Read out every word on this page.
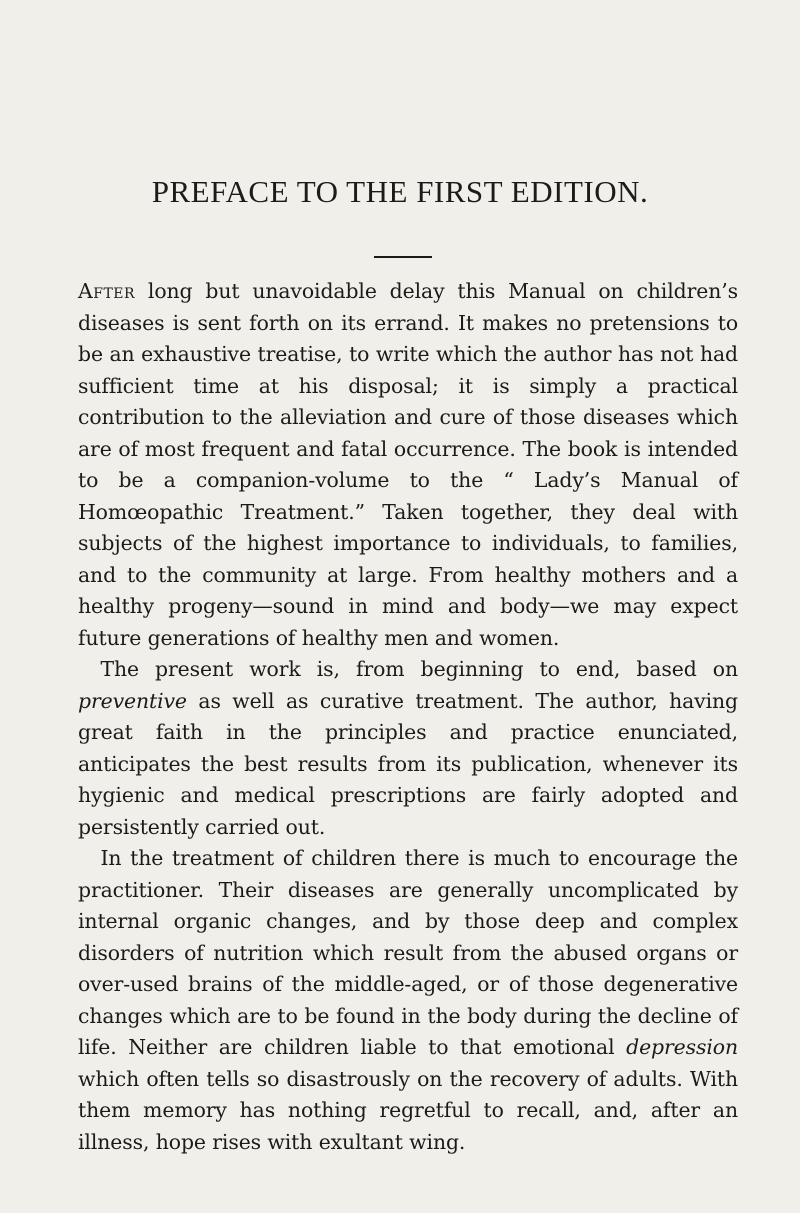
PREFACE TO THE FIRST EDITION.

After long but unavoidable delay this Manual on children’s diseases is sent forth on its errand. It makes no pretensions to be an exhaustive treatise, to write which the author has not had sufficient time at his disposal; it is simply a practical contribution to the alleviation and cure of those diseases which are of most frequent and fatal occurrence. The book is intended to be a companion-volume to the “ Lady’s Manual of Homœopathic Treatment.” Taken together, they deal with subjects of the highest importance to individuals, to families, and to the community at large. From healthy mothers and a healthy progeny—sound in mind and body—we may expect future generations of healthy men and women.

The present work is, from beginning to end, based on preventive as well as curative treatment. The author, having great faith in the principles and practice enunciated, anticipates the best results from its publication, whenever its hygienic and medical prescriptions are fairly adopted and persistently carried out.

In the treatment of children there is much to encourage the practitioner. Their diseases are generally uncomplicated by internal organic changes, and by those deep and complex disorders of nutrition which result from the abused organs or over-used brains of the middle-aged, or of those degenerative changes which are to be found in the body during the decline of life. Neither are children liable to that emotional depression which often tells so disastrously on the recovery of adults. With them memory has nothing regretful to recall, and, after an illness, hope rises with exultant wing.
